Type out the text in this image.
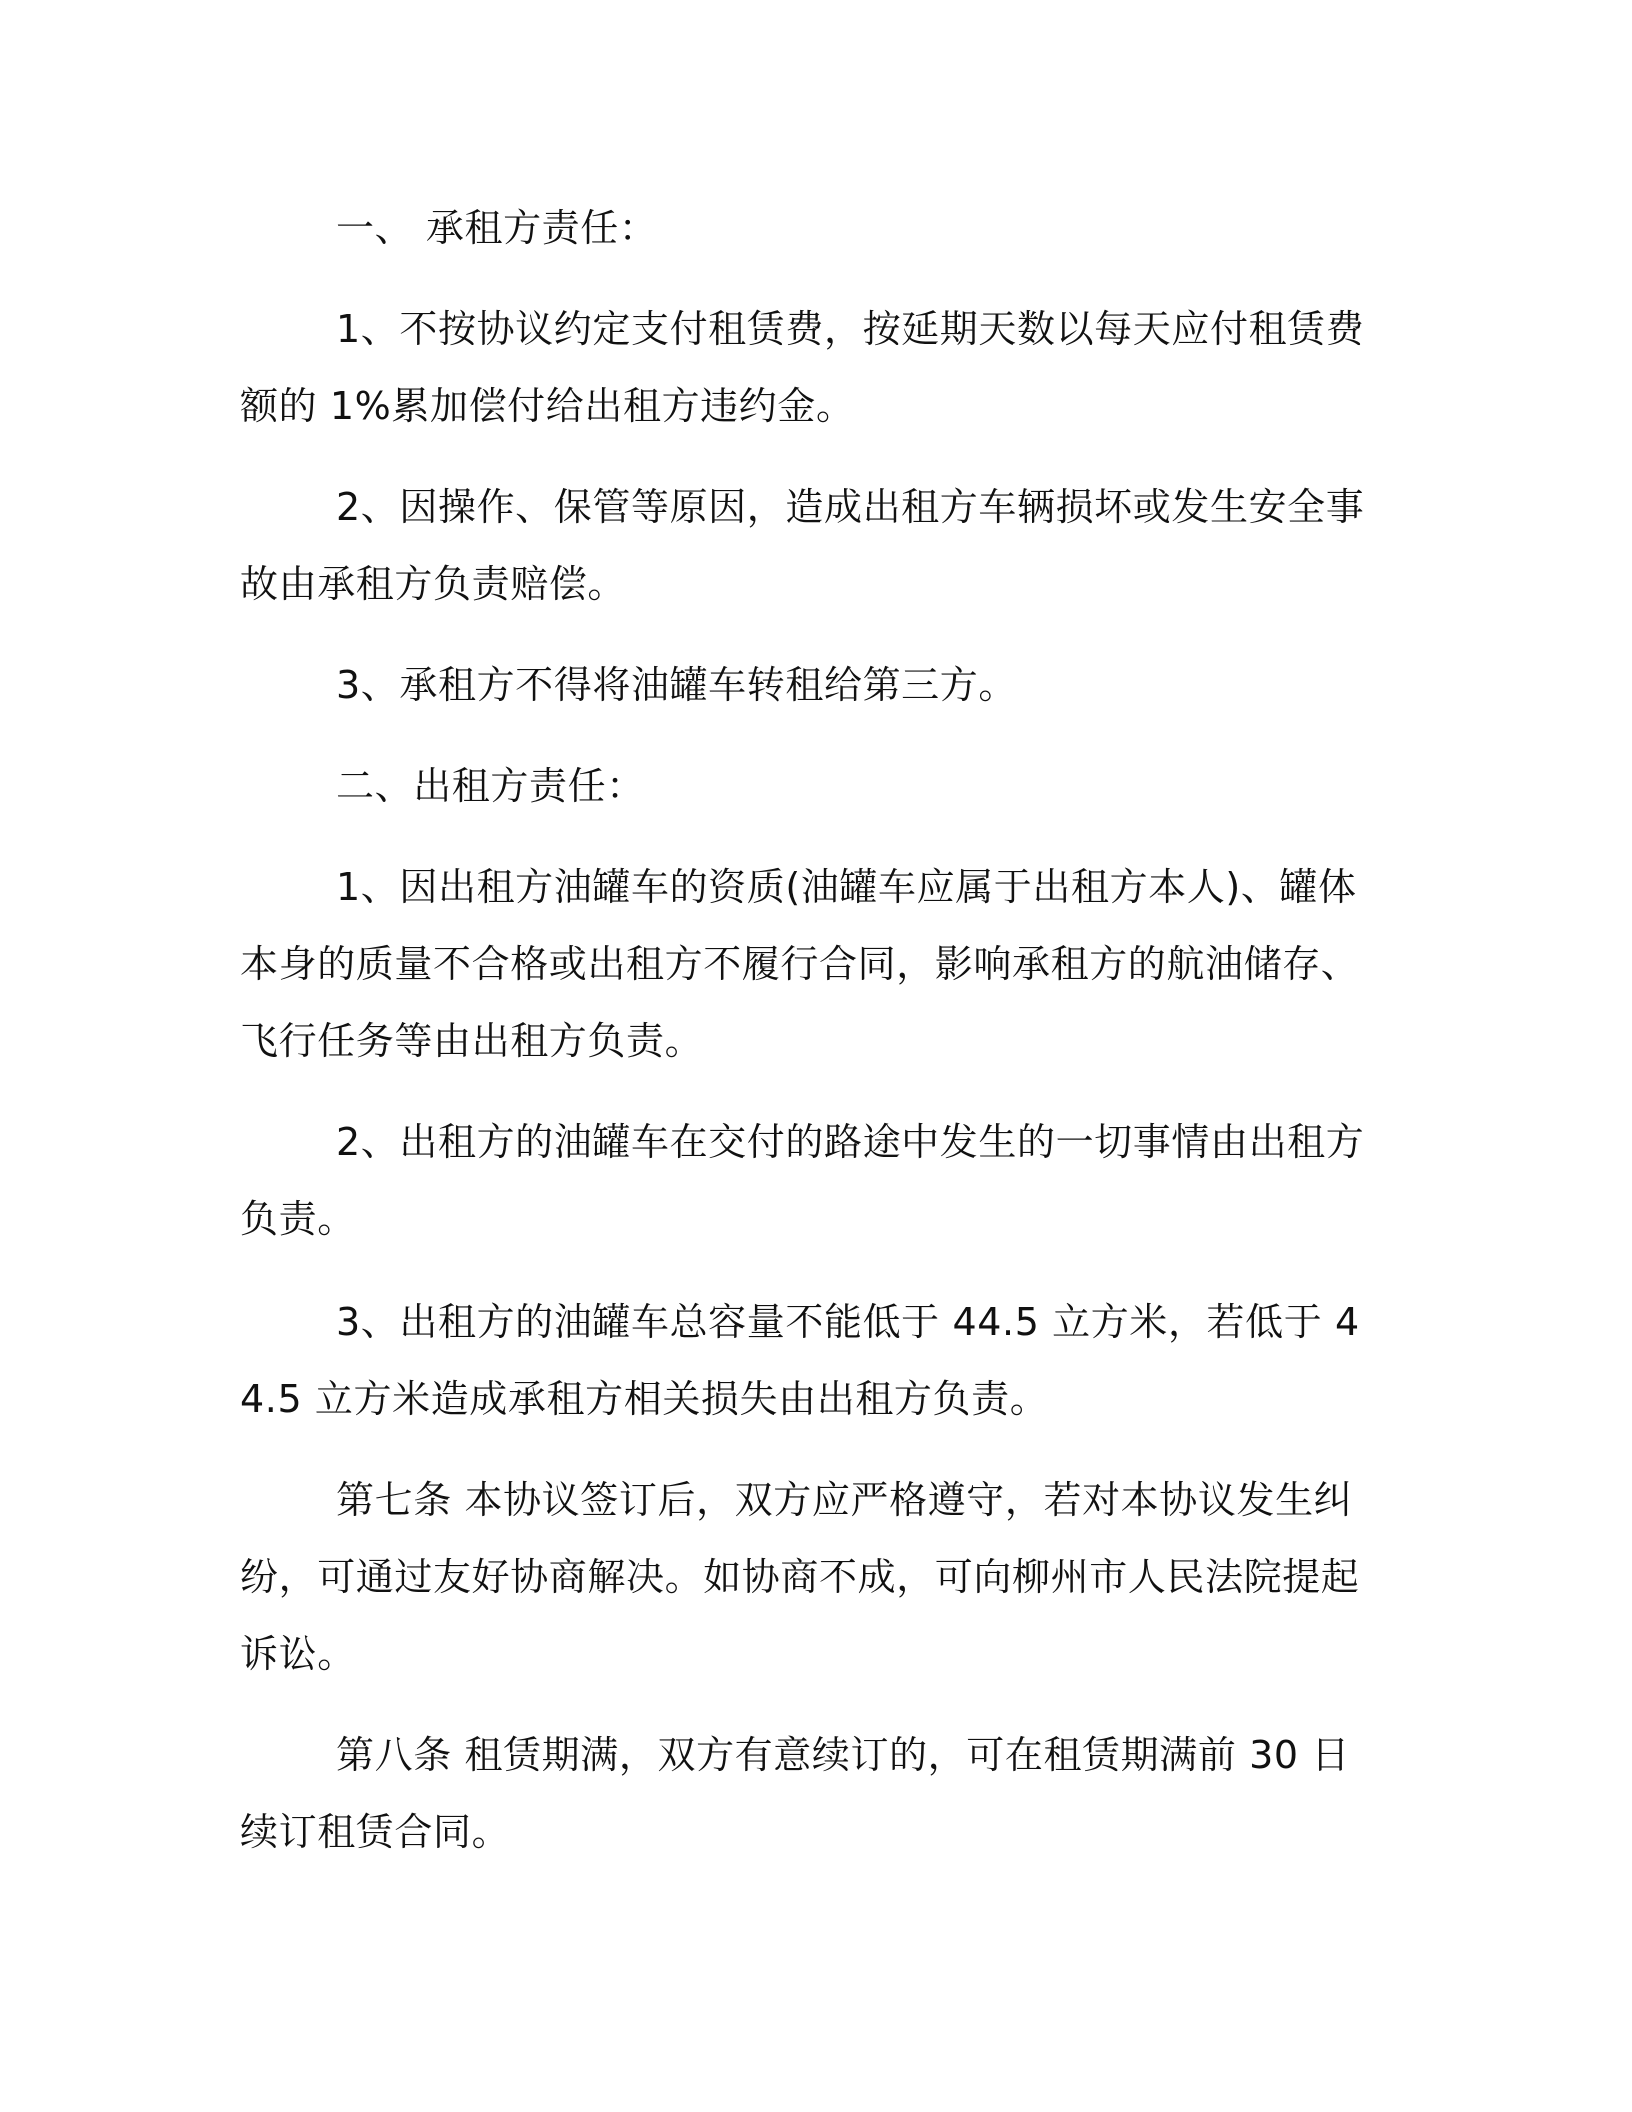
一、 承租方责任：

1、不按协议约定支付租赁费，按延期天数以每天应付租赁费额的 1%累加偿付给出租方违约金。

2、因操作、保管等原因，造成出租方车辆损坏或发生安全事故由承租方负责赔偿。

3、承租方不得将油罐车转租给第三方。

二、出租方责任：

1、因出租方油罐车的资质(油罐车应属于出租方本人)、罐体本身的质量不合格或出租方不履行合同，影响承租方的航油储存、飞行任务等由出租方负责。

2、出租方的油罐车在交付的路途中发生的一切事情由出租方负责。

3、出租方的油罐车总容量不能低于 44.5 立方米，若低于 44.5 立方米造成承租方相关损失由出租方负责。

第七条 本协议签订后，双方应严格遵守，若对本协议发生纠纷，可通过友好协商解决。如协商不成，可向柳州市人民法院提起诉讼。

第八条 租赁期满，双方有意续订的，可在租赁期满前 30 日续订租赁合同。
